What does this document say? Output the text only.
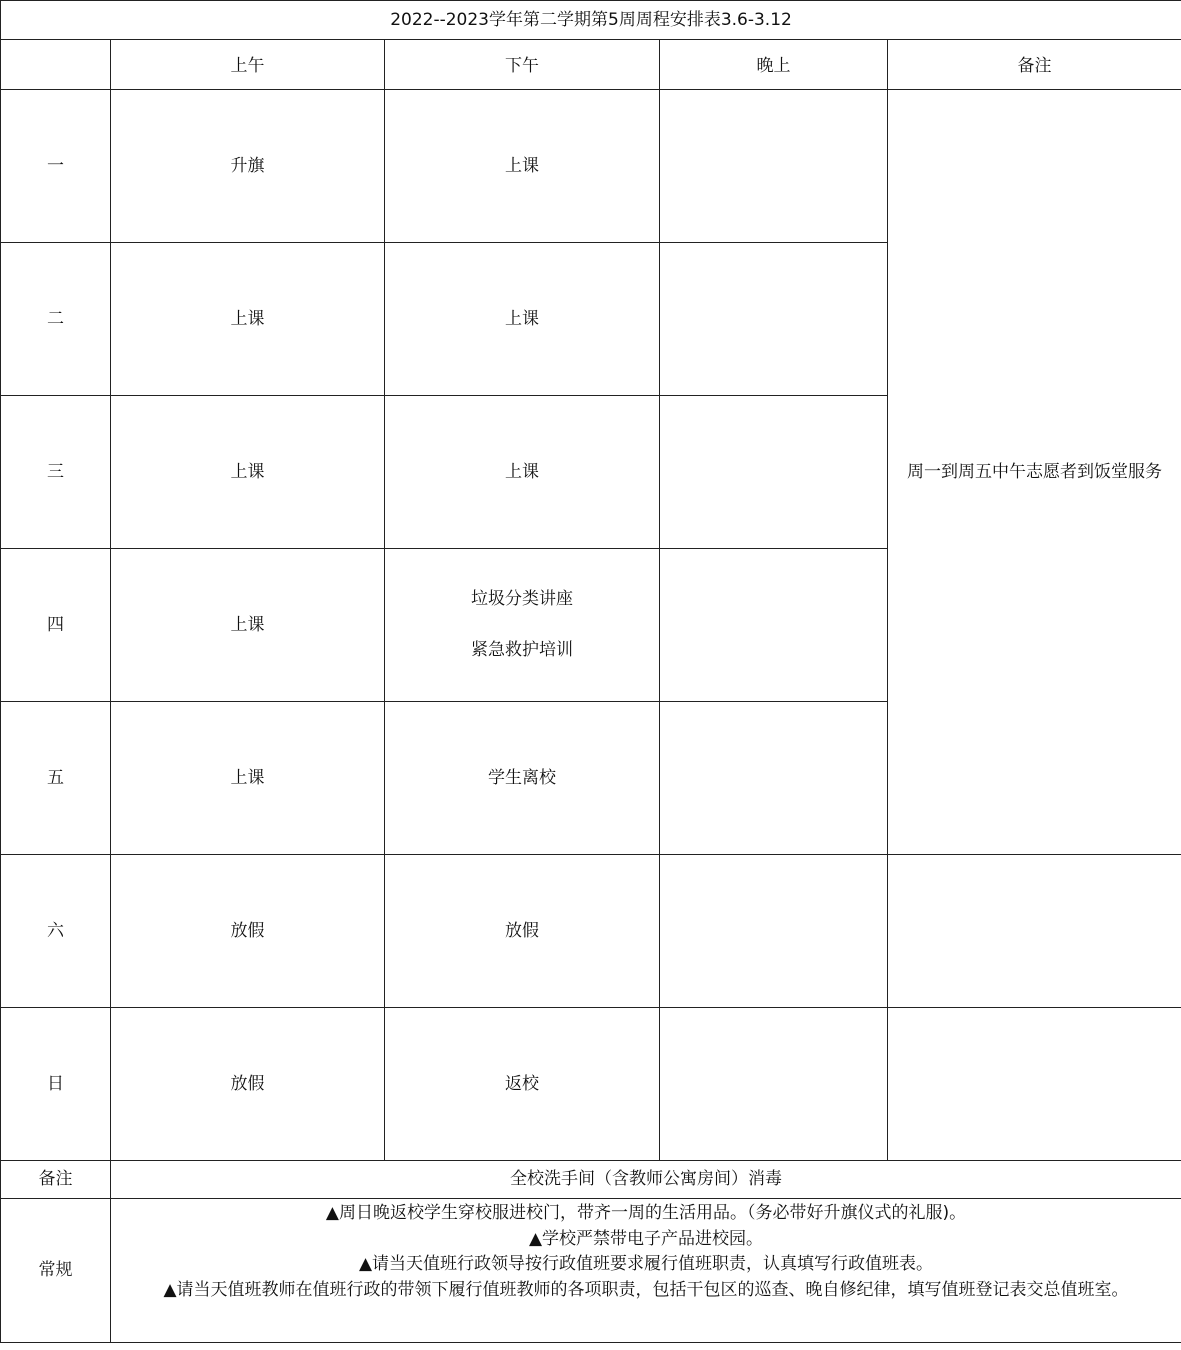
2022--2023学年第二学期第5周周程安排表3.6-3.12				

	上午	下午	晚上	备注

一	升旗	上课		周一到周五中午志愿者到饭堂服务
二	上课	上课		
三	上课	上课		
四	上课	垃圾分类讲座
紧急救护培训		

五	上课	学生离校		
六	放假	放假		
日	放假	返校		
备注	全校洗手间（含教师公寓房间）消毒			
常规	▲周日晚返校学生穿校服进校门，带齐一周的生活用品。（务必带好升旗仪式的礼服)。
▲学校严禁带电子产品进校园。
▲请当天值班行政领导按行政值班要求履行值班职责，认真填写行政值班表。
▲请当天值班教师在值班行政的带领下履行值班教师的各项职责，包括干包区的巡查、晚自修纪律，填写值班登记表交总值班室。			
